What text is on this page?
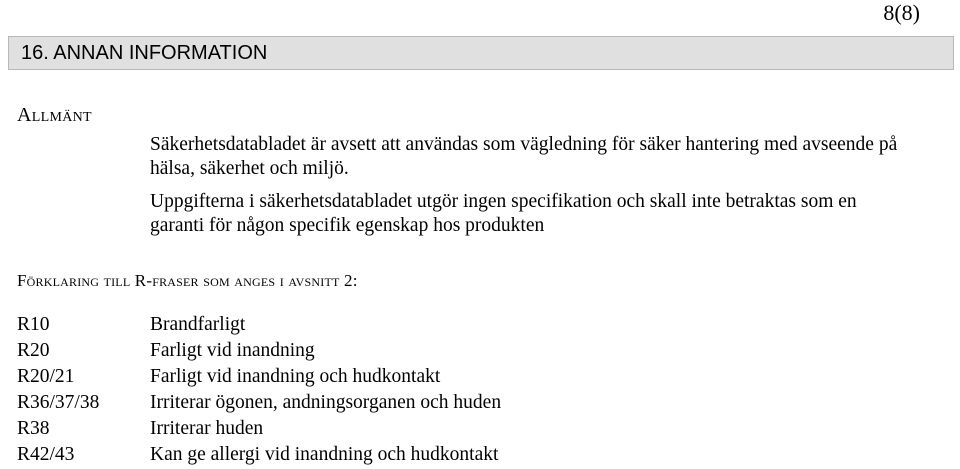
8(8)
16. ANNAN INFORMATION
Allmänt
Säkerhetsdatabladet är avsett att användas som vägledning för säker hantering med avseende på hälsa, säkerhet och miljö.
Uppgifterna i säkerhetsdatabladet utgör ingen specifikation och skall inte betraktas som en garanti för någon specifik egenskap hos produkten
Förklaring till R-fraser som anges i avsnitt 2:
R10	Brandfarligt
R20	Farligt vid inandning
R20/21	Farligt vid inandning och hudkontakt
R36/37/38	Irriterar ögonen, andningsorganen och huden
R38	Irriterar huden
R42/43	Kan ge allergi vid inandning och hudkontakt
